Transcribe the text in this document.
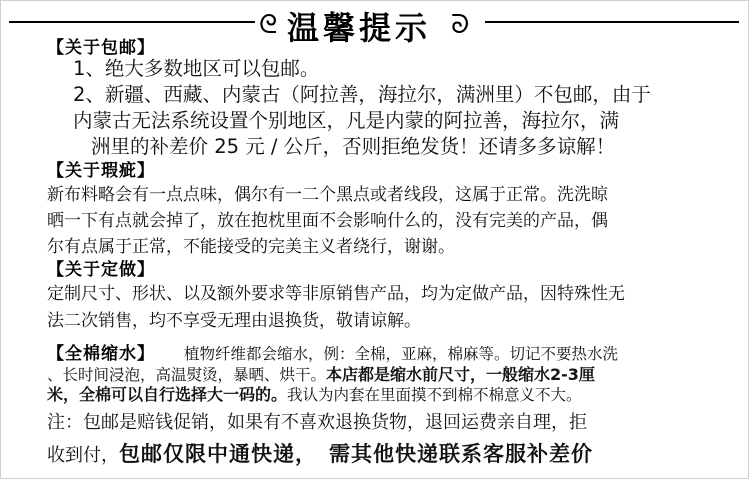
ᘓ 温馨提示 ᘐ
【关于包邮】
1、绝大多数地区可以包邮。
2、新疆、西藏、内蒙古（阿拉善，海拉尔，满洲里）不包邮，由于
内蒙古无法系统设置个别地区，凡是内蒙的阿拉善，海拉尔，满
洲里的补差价 25 元 / 公斤，否则拒绝发货！还请多多谅解！
【关于瑕疵】
新布料略会有一点点味，偶尔有一二个黑点或者线段，这属于正常。洗洗晾
晒一下有点就会掉了，放在抱枕里面不会影响什么的，没有完美的产品，偶
尔有点属于正常，不能接受的完美主义者绕行，谢谢。
【关于定做】
定制尺寸、形状、以及额外要求等非原销售产品，均为定做产品，因特殊性无
法二次销售，均不享受无理由退换货，敬请谅解。
【全棉缩水】 植物纤维都会缩水，例：全棉，亚麻，棉麻等。切记不要热水洗
、长时间浸泡，高温熨烫，暴晒、烘干。本店都是缩水前尺寸，一般缩水2-3厘
米，全棉可以自行选择大一码的。我认为内套在里面摸不到棉不棉意义不大。
注：包邮是赔钱促销，如果有不喜欢退换货物，退回运费亲自理，拒
收到付，包邮仅限中通快递， 需其他快递联系客服补差价
